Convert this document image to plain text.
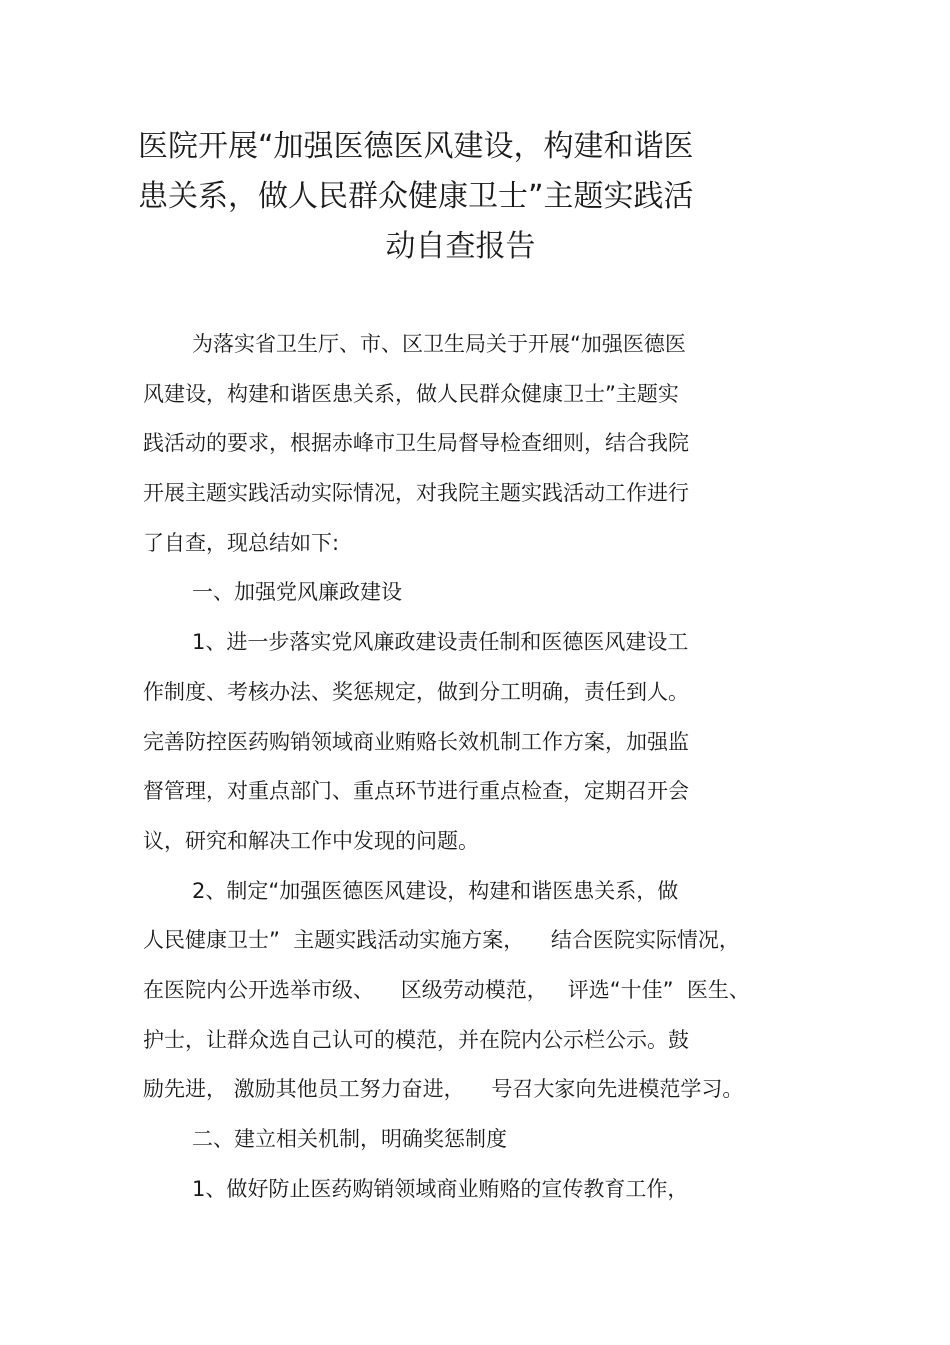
医院开展“加强医德医风建设，构建和谐医
患关系，做人民群众健康卫士”主题实践活
动自查报告
为落实省卫生厅、市、区卫生局关于开展“加强医德医
风建设，构建和谐医患关系，做人民群众健康卫士”主题实
践活动的要求，根据赤峰市卫生局督导检查细则，结合我院
开展主题实践活动实际情况，对我院主题实践活动工作进行
了自查，现总结如下:
一、加强党风廉政建设
1、进一步落实党风廉政建设责任制和医德医风建设工
作制度、考核办法、奖惩规定，做到分工明确，责任到人。
完善防控医药购销领域商业贿赂长效机制工作方案，加强监
督管理，对重点部门、重点环节进行重点检查，定期召开会
议，研究和解决工作中发现的问题。
2、制定“加强医德医风建设，构建和谐医患关系，做
人民健康卫士”  主题实践活动实施方案，    结合医院实际情况，
在医院内公开选举市级、    区级劳动模范，   评选“十佳”  医生、
护士，让群众选自己认可的模范，并在院内公示栏公示。鼓
励先进， 激励其他员工努力奋进，    号召大家向先进模范学习。
二、建立相关机制，明确奖惩制度
1、做好防止医药购销领域商业贿赂的宣传教育工作，
